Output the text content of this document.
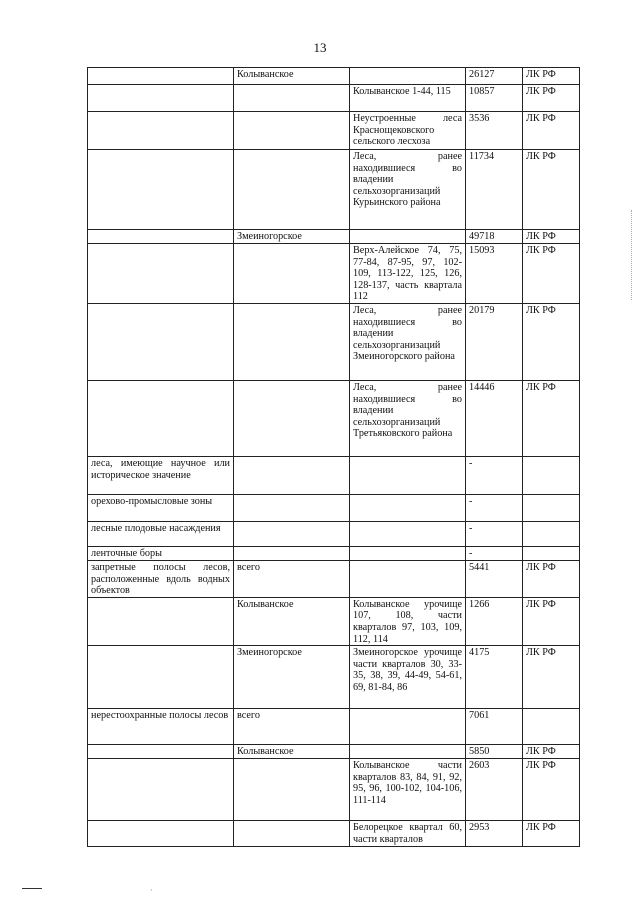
13
	Колыванское		26127	ЛК РФ
		Колыванское 1-44, 115	10857	ЛК РФ
		Неустроенные леса Краснощековского сельского лесхоза	3536	ЛК РФ
		Леса, ранее находившиеся во владении сельхозорганизаций Курьинского района	11734	ЛК РФ
	Змеиногорское		49718	ЛК РФ
		Верх-Алейское 74, 75, 77-84, 87-95, 97, 102-109, 113-122, 125, 126, 128-137, часть квартала 112	15093	ЛК РФ
		Леса, ранее находившиеся во владении сельхозорганизаций Змеиногорского района	20179	ЛК РФ
		Леса, ранее находившиеся во владении сельхозорганизаций Третьяковского района	14446	ЛК РФ
леса, имеющие научное или историческое значение			-	
орехово-промысловые зоны			-	
лесные плодовые насаждения			-	
ленточные боры			-	
запретные полосы лесов, расположенные вдоль водных объектов	всего		5441	ЛК РФ
	Колыванское	Колыванское урочище 107, 108, части кварталов 97, 103, 109, 112, 114	1266	ЛК РФ
	Змеиногорское	Змеиногорское урочище части кварталов 30, 33-35, 38, 39, 44-49, 54-61, 69, 81-84, 86	4175	ЛК РФ
нерестоохранные полосы лесов	всего		7061	
	Колыванское		5850	ЛК РФ
		Колыванское части кварталов 83, 84, 91, 92, 95, 96, 100-102, 104-106, 111-114	2603	ЛК РФ
		Белорецкое квартал 60, части кварталов	2953	ЛК РФ
·
